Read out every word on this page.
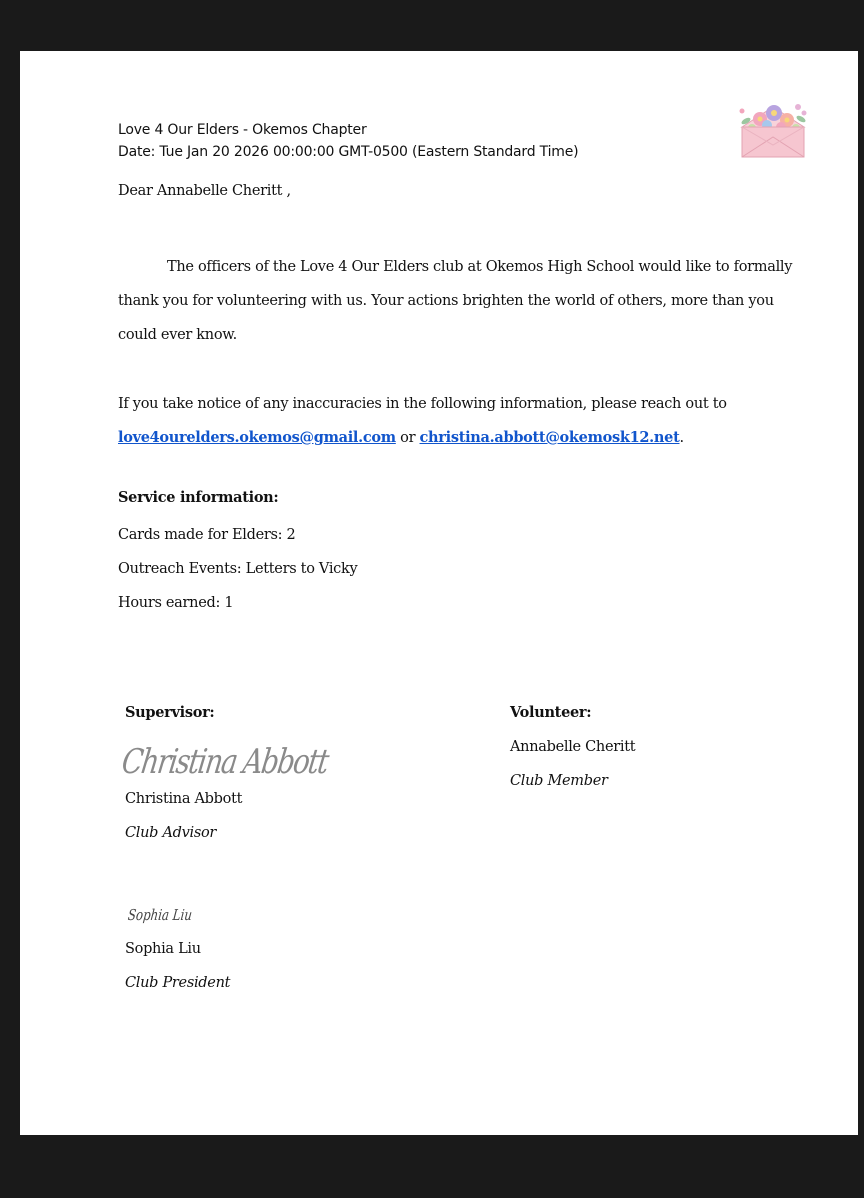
Love 4 Our Elders - Okemos Chapter
Date: Tue Jan 20 2026 00:00:00 GMT-0500 (Eastern Standard Time)
Dear Annabelle Cheritt ,
The officers of the Love 4 Our Elders club at Okemos High School would like to formally
thank you for volunteering with us. Your actions brighten the world of others, more than you
could ever know.
If you take notice of any inaccuracies in the following information, please reach out to
love4ourelders.okemos@gmail.com or christina.abbott@okemosk12.net.
Service information:
Cards made for Elders: 2
Outreach Events: Letters to Vicky
Hours earned: 1
Supervisor:
Christina Abbott
Christina Abbott
Club Advisor
Sophia Liu
Sophia Liu
Club President
Volunteer:
Annabelle Cheritt
Club Member
